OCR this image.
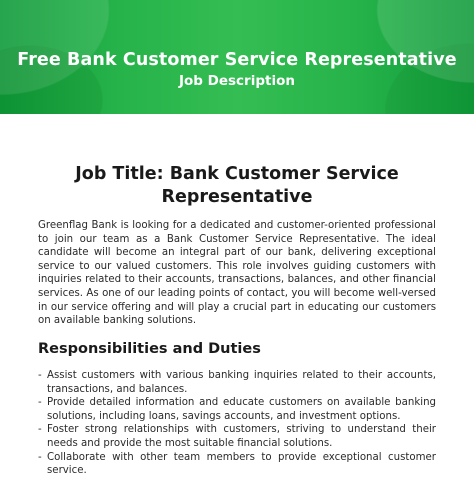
Free Bank Customer Service Representative
Job Description
Job Title: Bank Customer Service Representative
Greenflag Bank is looking for a dedicated and customer-oriented professional to join our team as a Bank Customer Service Representative. The ideal candidate will become an integral part of our bank, delivering exceptional service to our valued customers. This role involves guiding customers with inquiries related to their accounts, transactions, balances, and other financial services. As one of our leading points of contact, you will become well-versed in our service offering and will play a crucial part in educating our customers on available banking solutions.
Responsibilities and Duties
- Assist customers with various banking inquiries related to their accounts, transactions, and balances.
- Provide detailed information and educate customers on available banking solutions, including loans, savings accounts, and investment options.
- Foster strong relationships with customers, striving to understand their needs and provide the most suitable financial solutions.
- Collaborate with other team members to provide exceptional customer service.
